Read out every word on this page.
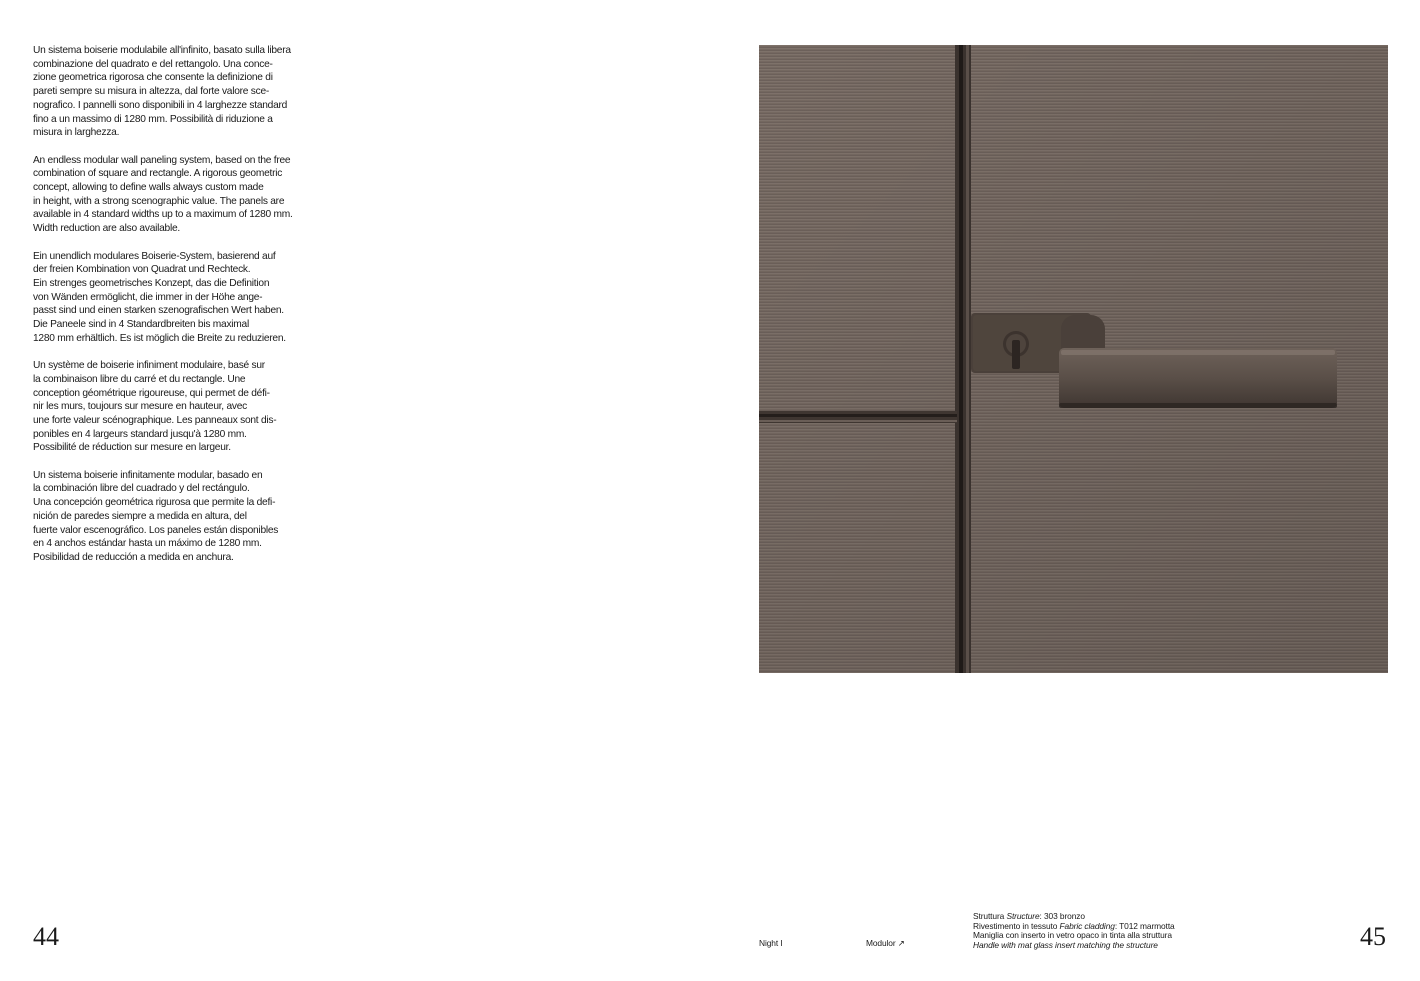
Un sistema boiserie modulabile all'infinito, basato sulla libera
combinazione del quadrato e del rettangolo. Una conce-
zione geometrica rigorosa che consente la definizione di
pareti sempre su misura in altezza, dal forte valore sce-
nografico. I pannelli sono disponibili in 4 larghezze standard
fino a un massimo di 1280 mm. Possibilità di riduzione a
misura in larghezza.

An endless modular wall paneling system, based on the free
combination of square and rectangle. A rigorous geometric
concept, allowing to define walls always custom made
in height, with a strong scenographic value. The panels are
available in 4 standard widths up to a maximum of 1280 mm.
Width reduction are also available.

Ein unendlich modulares Boiserie-System, basierend auf
der freien Kombination von Quadrat und Rechteck.
Ein strenges geometrisches Konzept, das die Definition
von Wänden ermöglicht, die immer in der Höhe ange-
passt sind und einen starken szenografischen Wert haben.
Die Paneele sind in 4 Standardbreiten bis maximal
1280 mm erhältlich. Es ist möglich die Breite zu reduzieren.

Un système de boiserie infiniment modulaire, basé sur
la combinaison libre du carré et du rectangle. Une
conception géométrique rigoureuse, qui permet de défi-
nir les murs, toujours sur mesure en hauteur, avec
une forte valeur scénographique. Les panneaux sont dis-
ponibles en 4 largeurs standard jusqu'à 1280 mm.
Possibilité de réduction sur mesure en largeur.

Un sistema boiserie infinitamente modular, basado en
la combinación libre del cuadrado y del rectángulo.
Una concepción geométrica rigurosa que permite la defi-
nición de paredes siempre a medida en altura, del
fuerte valor escenográfico. Los paneles están disponibles
en 4 anchos estándar hasta un máximo de 1280 mm.
Posibilidad de reducción a medida en anchura.

44	Night I	Modulor ↗
Struttura Structure: 303 bronzo
Rivestimento in tessuto Fabric cladding: T012 marmotta
Maniglia con inserto in vetro opaco in tinta alla struttura
Handle with mat glass insert matching the structure	45
